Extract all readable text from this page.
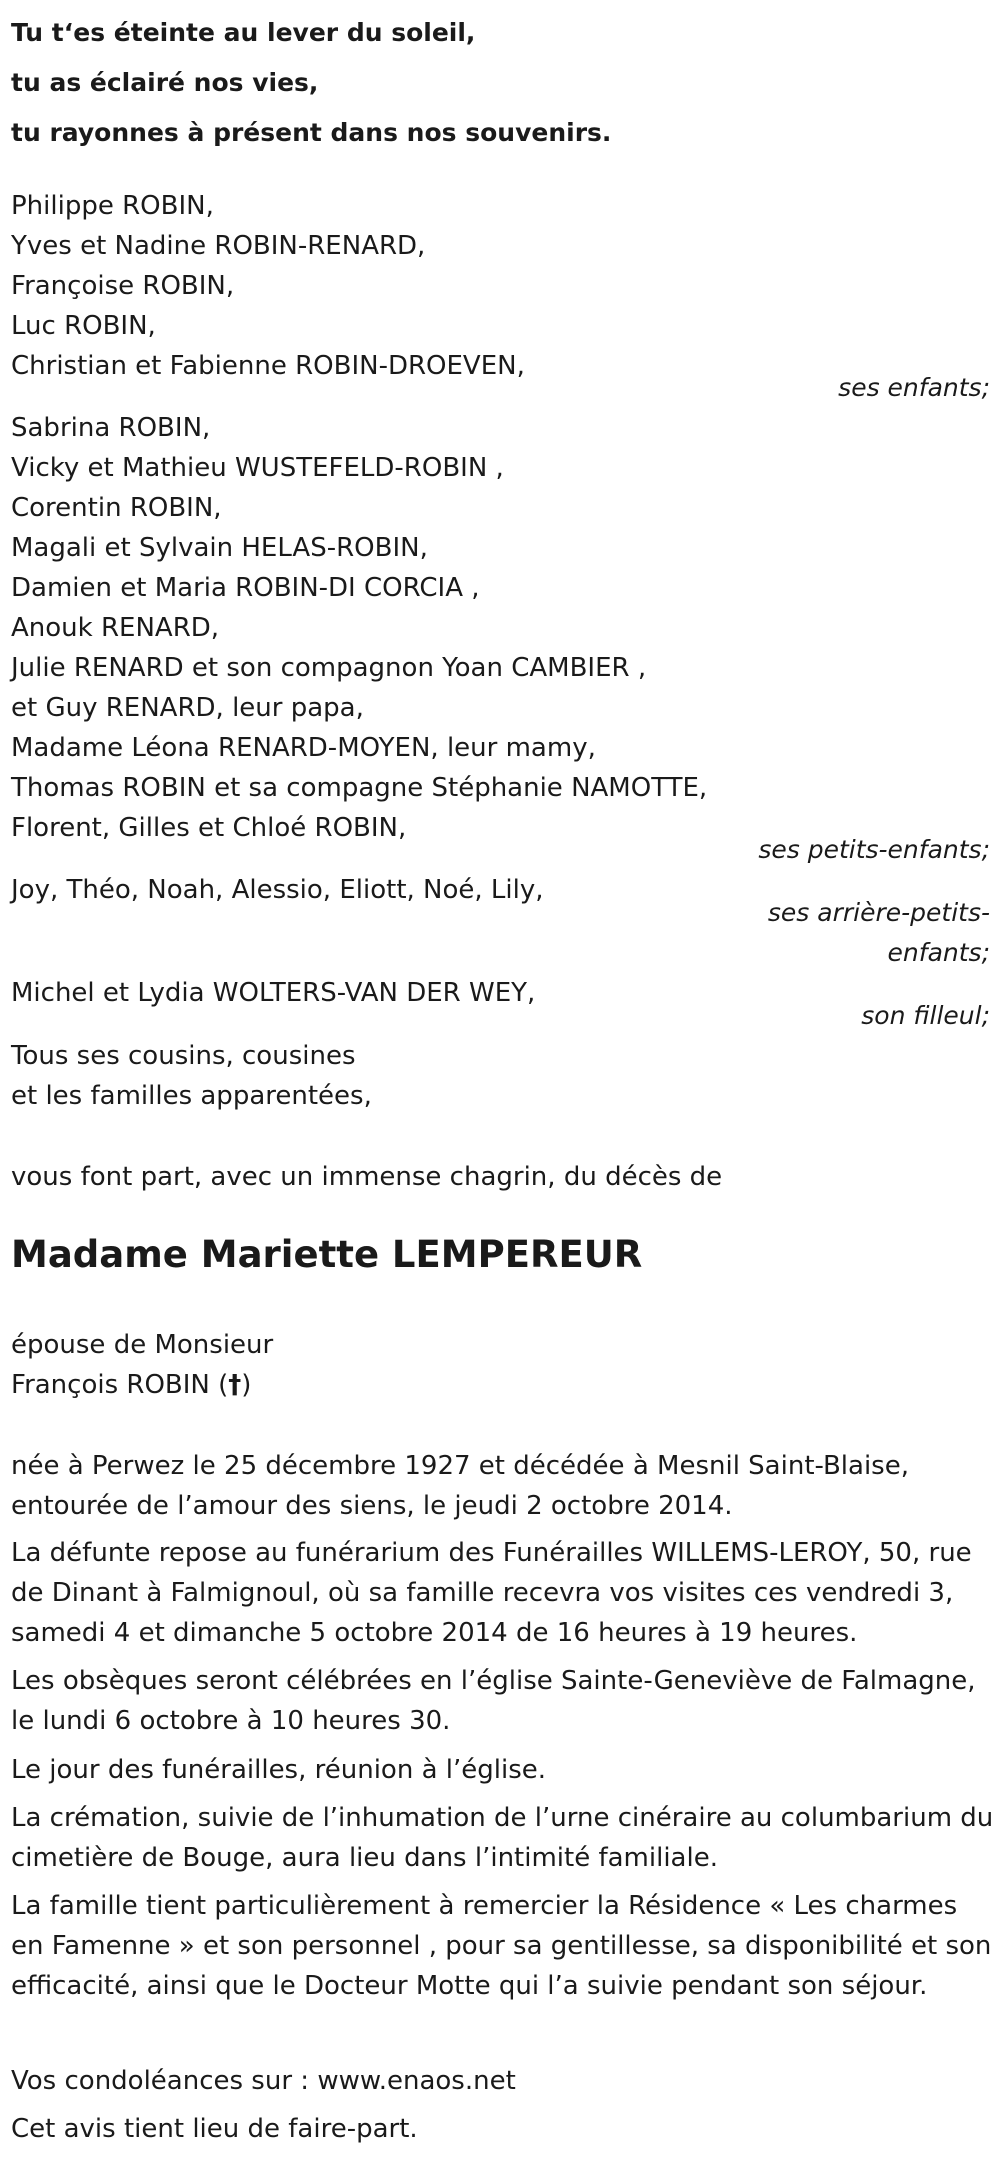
Tu t‘es éteinte au lever du soleil,
tu as éclairé nos vies,
tu rayonnes à présent dans nos souvenirs.
Philippe ROBIN,
Yves et Nadine ROBIN-RENARD,
Françoise ROBIN,
Luc ROBIN,
Christian et Fabienne ROBIN-DROEVEN,
ses enfants;
Sabrina ROBIN,
Vicky et Mathieu WUSTEFELD-ROBIN ,
Corentin ROBIN,
Magali et Sylvain HELAS-ROBIN,
Damien et Maria ROBIN-DI CORCIA ,
Anouk RENARD,
Julie RENARD et son compagnon Yoan CAMBIER ,
et Guy RENARD, leur papa,
Madame Léona RENARD-MOYEN, leur mamy,
Thomas ROBIN et sa compagne Stéphanie NAMOTTE,
Florent, Gilles et Chloé ROBIN,
ses petits-enfants;
Joy, Théo, Noah, Alessio, Eliott, Noé, Lily,
ses arrière-petits-
enfants;
Michel et Lydia WOLTERS-VAN DER WEY,
son filleul;
Tous ses cousins, cousines
et les familles apparentées,
vous font part, avec un immense chagrin, du décès de
Madame Mariette LEMPEREUR
épouse de Monsieur
François ROBIN (†)
née à Perwez le 25 décembre 1927 et décédée à Mesnil Saint-Blaise, entourée de l’amour des siens, le jeudi 2 octobre 2014.
La défunte repose au funérarium des Funérailles WILLEMS-LEROY, 50, rue de Dinant à Falmignoul, où sa famille recevra vos visites ces vendredi 3, samedi 4 et dimanche 5 octobre 2014 de 16 heures à 19 heures.
Les obsèques seront célébrées en l’église Sainte-Geneviève de Falmagne, le lundi 6 octobre à 10 heures 30.
Le jour des funérailles, réunion à l’église.
La crémation, suivie de l’inhumation de l’urne cinéraire au columbarium du cimetière de Bouge, aura lieu dans l’intimité familiale.
La famille tient particulièrement à remercier la Résidence « Les charmes en Famenne » et son personnel , pour sa gentillesse, sa disponibilité et son efficacité, ainsi que le Docteur Motte qui l’a suivie pendant son séjour.
Vos condoléances sur : www.enaos.net
Cet avis tient lieu de faire-part.
